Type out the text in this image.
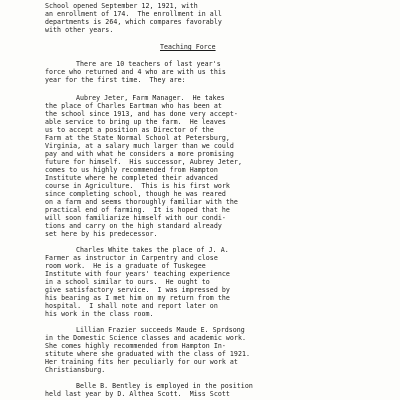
School opened September 12, 1921, with
an enrollment of 174.  The enrollment in all
departments is 264, which compares favorably
with other years.
Teaching Force
There are 10 teachers of last year's
force who returned and 4 who are with us this
year for the first time.  They are:
Aubrey Jeter, Farm Manager.  He takes
the place of Charles Eartman who has been at
the school since 1913, and has done very accept-
able service to bring up the farm.  He leaves
us to accept a position as Director of the
Farm at the State Normal School at Petersburg,
Virginia, at a salary much larger than we could
pay and with what he considers a more promising
future for himself.  His successor, Aubrey Jeter,
comes to us highly recommended from Hampton
Institute where he completed their advanced
course in Agriculture.  This is his first work
since completing school, though he was reared
on a farm and seems thoroughly familiar with the
practical end of farming.  It is hoped that he
will soon familiarize himself with our condi-
tions and carry on the high standard already
set here by his predecessor.
Charles White takes the place of J. A.
Farmer as instructor in Carpentry and close
room work.  He is a graduate of Tuskegee
Institute with four years' teaching experience
in a school similar to ours.  He ought to
give satisfactory service.  I was impressed by
his bearing as I met him on my return from the
hospital.  I shall note and report later on
his work in the class room.
Lillian Frazier succeeds Maude E. Sprdsong
in the Domestic Science classes and academic work.
She comes highly recommended from Hampton In-
stitute where she graduated with the class of 1921.
Her training fits her peculiarly for our work at
Christiansburg.
Belle B. Bentley is employed in the position
held last year by D. Althea Scott.  Miss Scott
